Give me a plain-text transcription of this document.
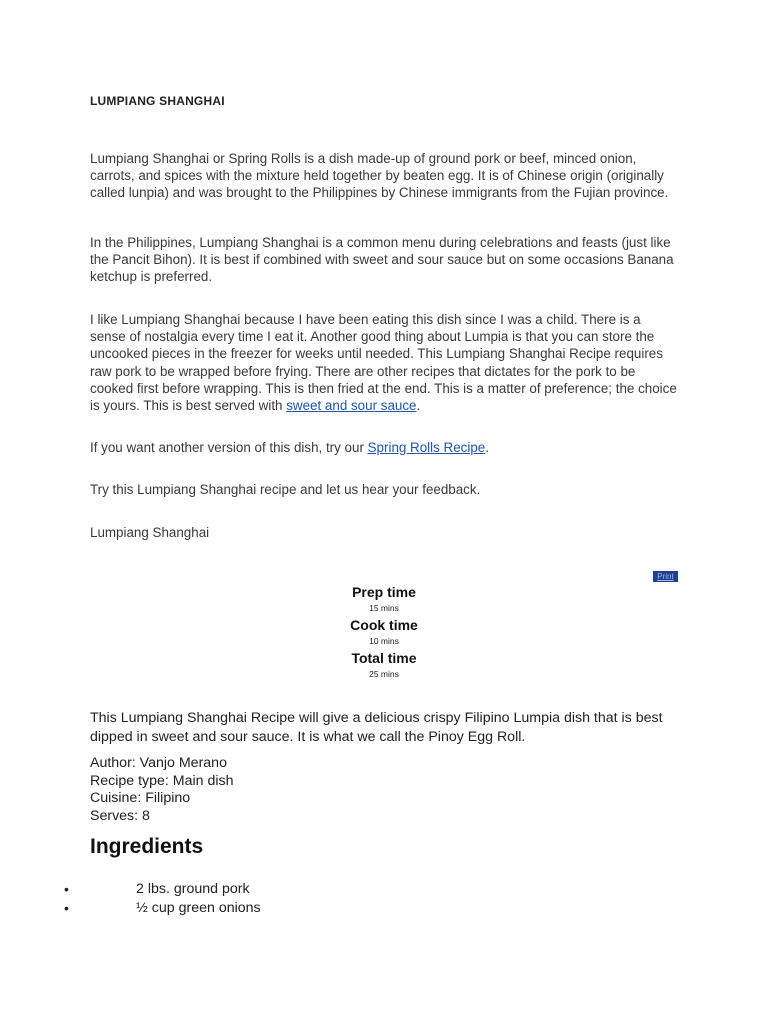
LUMPIANG SHANGHAI

Lumpiang Shanghai or Spring Rolls is a dish made-up of ground pork or beef, minced onion, carrots, and spices with the mixture held together by beaten egg. It is of Chinese origin (originally called lunpia) and was brought to the Philippines by Chinese immigrants from the Fujian province.

In the Philippines, Lumpiang Shanghai is a common menu during celebrations and feasts (just like the Pancit Bihon). It is best if combined with sweet and sour sauce but on some occasions Banana ketchup is preferred.

I like Lumpiang Shanghai because I have been eating this dish since I was a child. There is a sense of nostalgia every time I eat it. Another good thing about Lumpia is that you can store the uncooked pieces in the freezer for weeks until needed. This Lumpiang Shanghai Recipe requires raw pork to be wrapped before frying. There are other recipes that dictates for the pork to be cooked first before wrapping. This is then fried at the end. This is a matter of preference; the choice is yours. This is best served with sweet and sour sauce.

If you want another version of this dish, try our Spring Rolls Recipe.

Try this Lumpiang Shanghai recipe and let us hear your feedback.

Lumpiang Shanghai

Print
Prep time
15 mins
Cook time
10 mins
Total time
25 mins

This Lumpiang Shanghai Recipe will give a delicious crispy Filipino Lumpia dish that is best dipped in sweet and sour sauce. It is what we call the Pinoy Egg Roll.

Author: Vanjo Merano
Recipe type: Main dish
Cuisine: Filipino
Serves: 8
Ingredients
•	2 lbs. ground pork
•	½ cup green onions
